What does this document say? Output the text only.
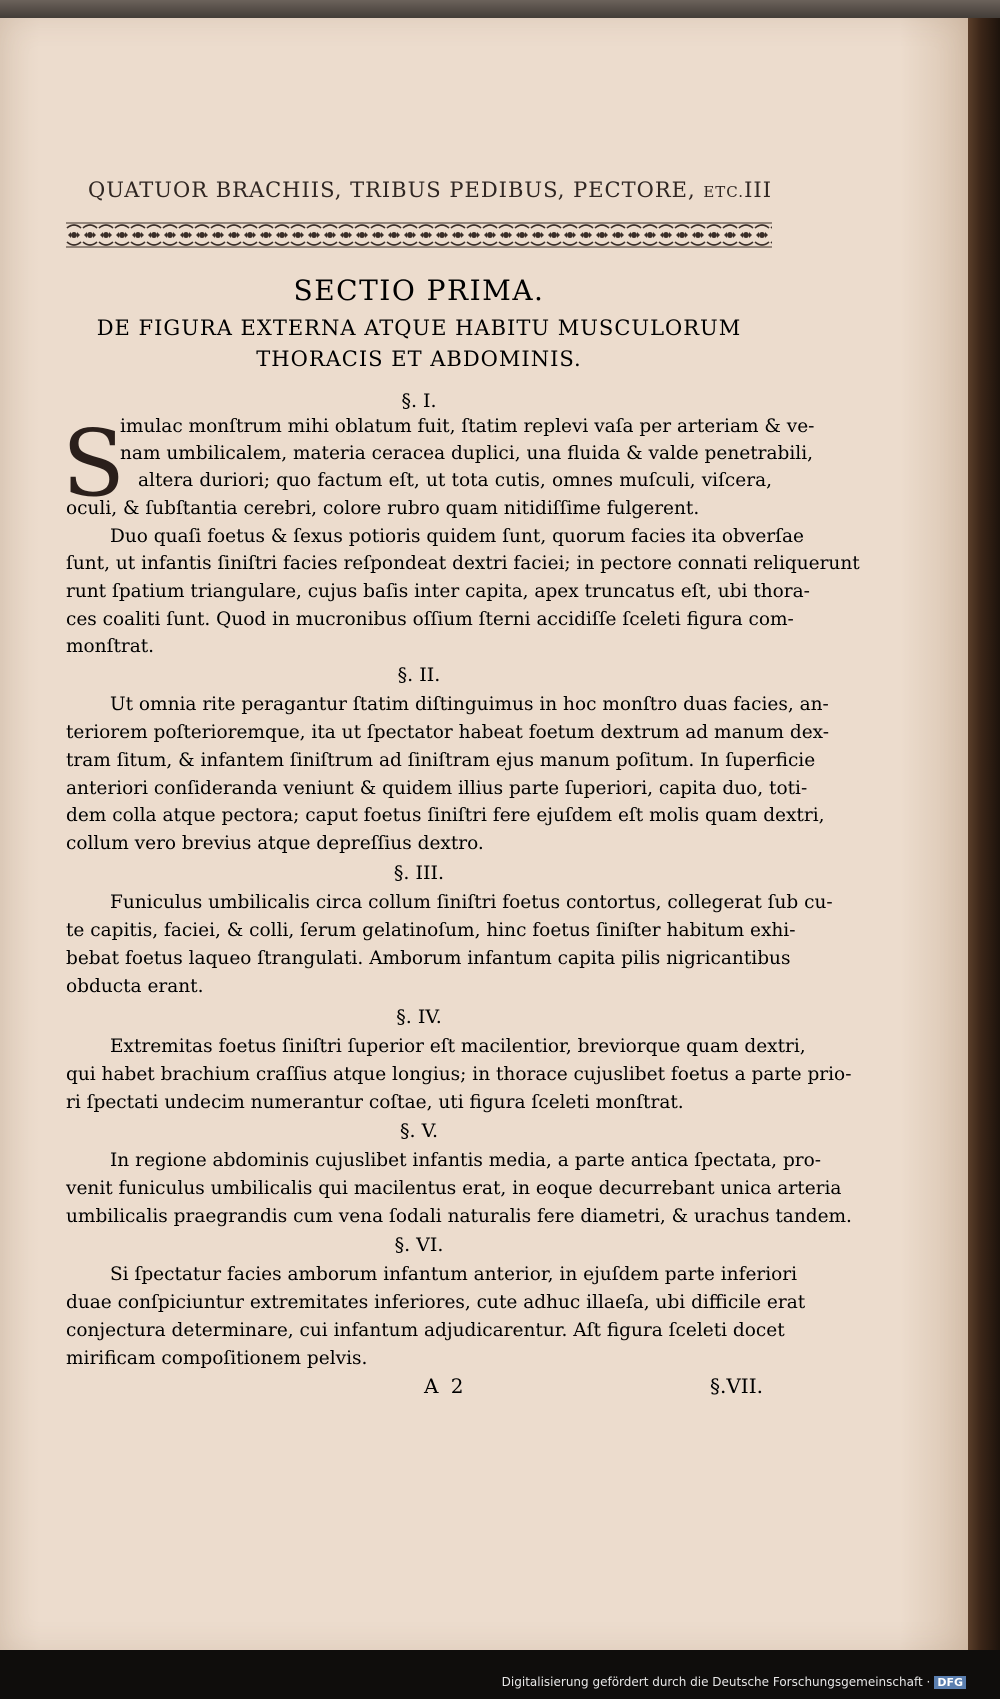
QUATUOR BRACHIIS, TRIBUS PEDIBUS, PECTORE, ETC. III
SECTIO PRIMA.
DE FIGURA EXTERNA ATQUE HABITU MUSCULORUM
THORACIS ET ABDOMINIS.
S
§. I.
imulac monſtrum mihi oblatum fuit, ſtatim replevi vaſa per arteriam & ve-
nam umbilicalem, materia ceracea duplici, una fluida & valde penetrabili,
altera duriori; quo factum eſt, ut tota cutis, omnes muſculi, viſcera,
oculi, & ſubſtantia cerebri, colore rubro quam nitidiſſime fulgerent.
Duo quaſi foetus & ſexus potioris quidem ſunt, quorum facies ita obverſae
ſunt, ut infantis ſiniſtri facies reſpondeat dextri faciei; in pectore connati reliquerunt
runt ſpatium triangulare, cujus baſis inter capita, apex truncatus eſt, ubi thora-
ces coaliti ſunt. Quod in mucronibus oſſium ſterni accidiſſe ſceleti figura com-
monſtrat.
§. II.
Ut omnia rite peragantur ſtatim diſtinguimus in hoc monſtro duas facies, an-
teriorem poſterioremque, ita ut ſpectator habeat foetum dextrum ad manum dex-
tram ſitum, & infantem ſiniſtrum ad ſiniſtram ejus manum poſitum. In ſuperficie
anteriori conſideranda veniunt & quidem illius parte ſuperiori, capita duo, toti-
dem colla atque pectora; caput foetus ſiniſtri fere ejuſdem eſt molis quam dextri,
collum vero brevius atque depreſſius dextro.
§. III.
Funiculus umbilicalis circa collum ſiniſtri foetus contortus, collegerat ſub cu-
te capitis, faciei, & colli, ſerum gelatinoſum, hinc foetus ſiniſter habitum exhi-
bebat foetus laqueo ſtrangulati. Amborum infantum capita pilis nigricantibus
obducta erant.
§. IV.
Extremitas foetus ſiniſtri ſuperior eſt macilentior, breviorque quam dextri,
qui habet brachium craſſius atque longius; in thorace cujuslibet foetus a parte prio-
ri ſpectati undecim numerantur coſtae, uti figura ſceleti monſtrat.
§. V.
In regione abdominis cujuslibet infantis media, a parte antica ſpectata, pro-
venit funiculus umbilicalis qui macilentus erat, in eoque decurrebant unica arteria
umbilicalis praegrandis cum vena ſodali naturalis fere diametri, & urachus tandem.
§. VI.
Si ſpectatur facies amborum infantum anterior, in ejuſdem parte inferiori
duae conſpiciuntur extremitates inferiores, cute adhuc illaeſa, ubi difficile erat
conjectura determinare, cui infantum adjudicarentur. Aſt figura ſceleti docet
mirificam compoſitionem pelvis.
A 2	§.VII.
Digitalisierung gefördert durch die Deutsche Forschungsgemeinschaft · DFG
